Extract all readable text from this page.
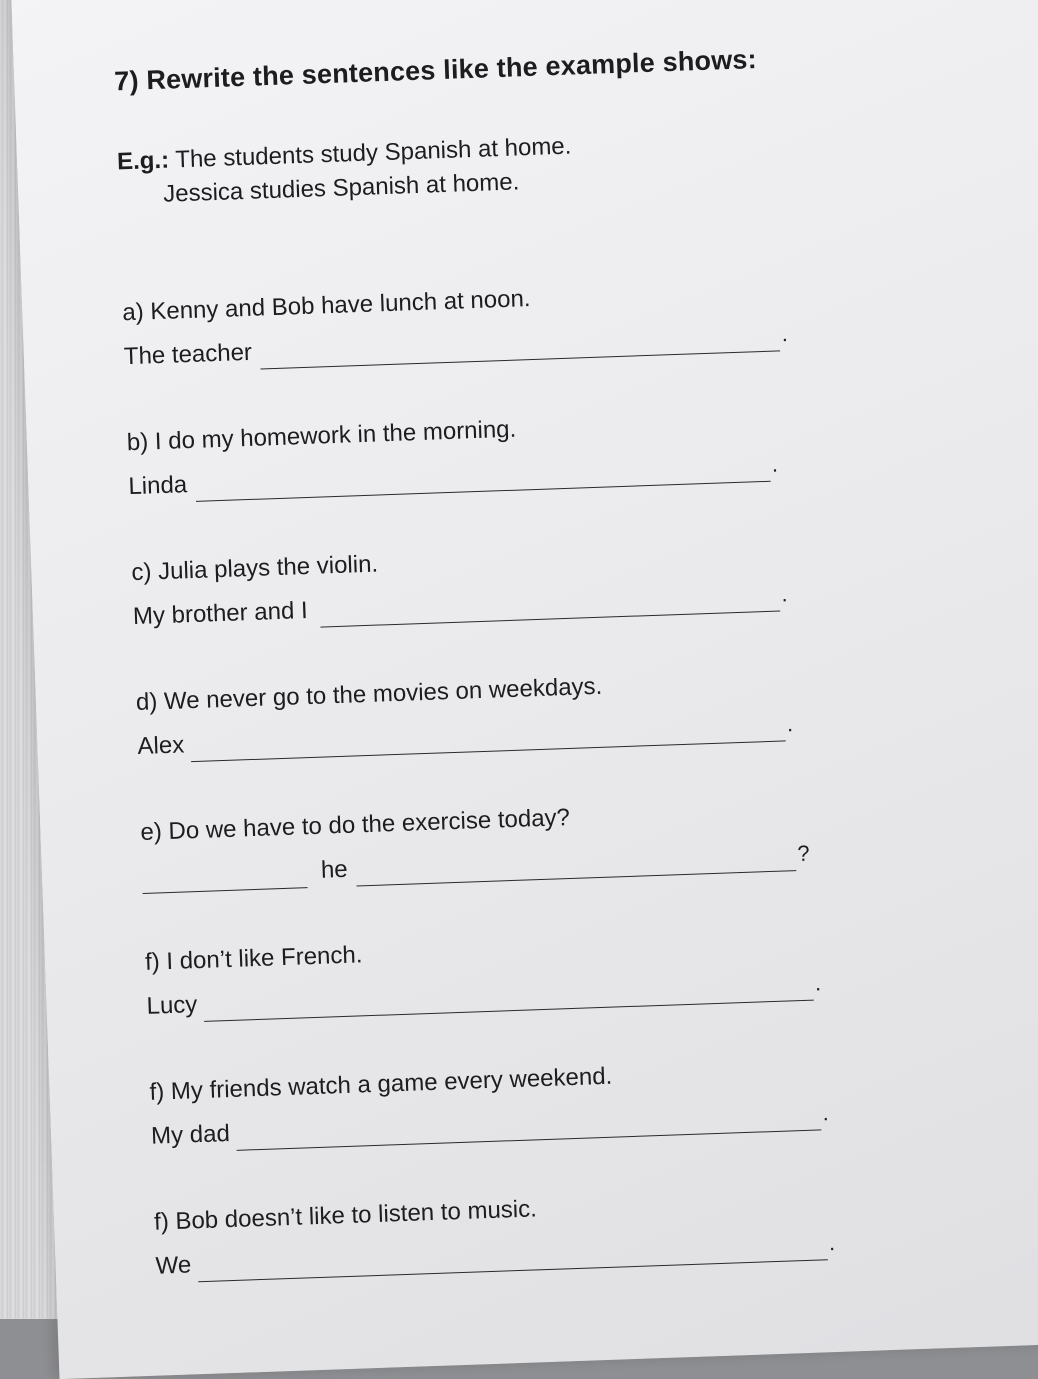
7) Rewrite the sentences like the example shows:
E.g.: The students study Spanish at home.
Jessica studies Spanish at home.
a) Kenny and Bob have lunch at noon.
The teacher
.
b) I do my homework in the morning.
Linda
.
c) Julia plays the violin.
My brother and I
.
d) We never go to the movies on weekdays.
Alex
.
e) Do we have to do the exercise today?
he
?
f) I don’t like French.
Lucy
.
f) My friends watch a game every weekend.
My dad
.
f) Bob doesn’t like to listen to music.
We
.
